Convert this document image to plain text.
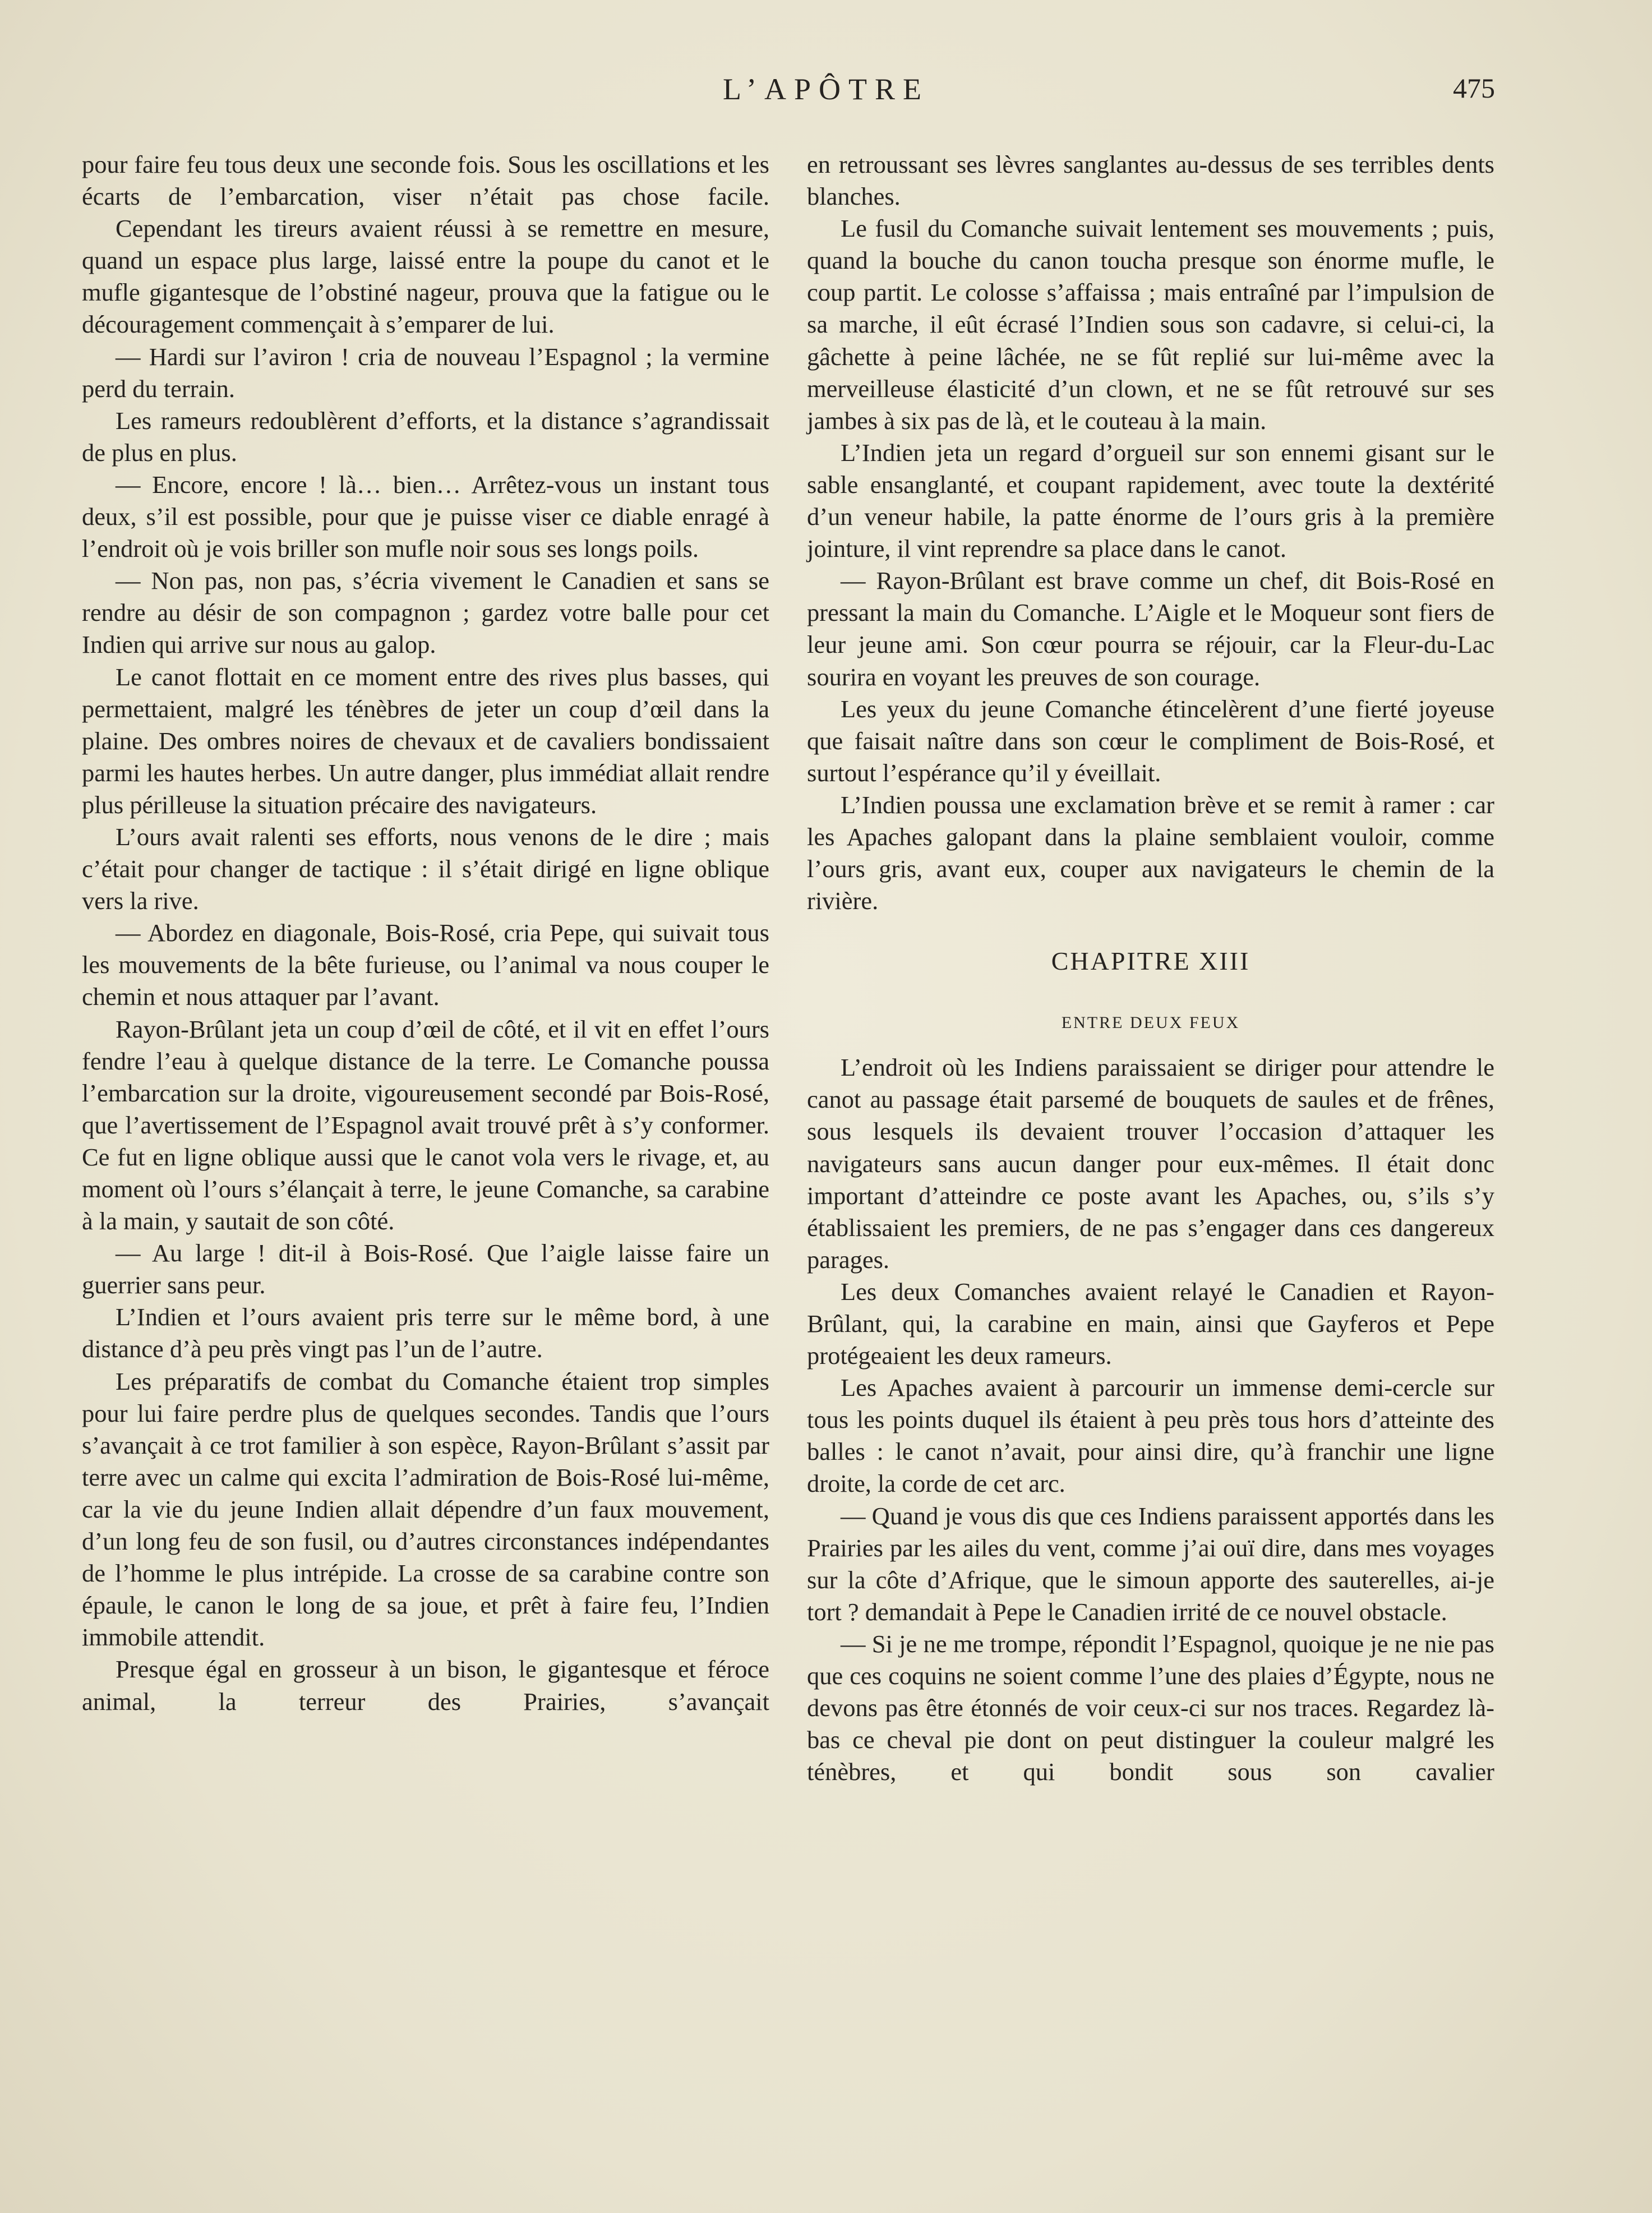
L’APÔTRE	475

pour faire feu tous deux une seconde fois. Sous les oscillations et les écarts de l’embarcation, viser n’était pas chose facile.

Cependant les tireurs avaient réussi à se remettre en mesure, quand un espace plus large, laissé entre la poupe du canot et le mufle gigantesque de l’obstiné nageur, prouva que la fatigue ou le découragement commençait à s’emparer de lui.

— Hardi sur l’aviron ! cria de nouveau l’Espagnol ; la vermine perd du terrain.

Les rameurs redoublèrent d’efforts, et la distance s’agrandissait de plus en plus.

— Encore, encore ! là… bien… Arrêtez-vous un instant tous deux, s’il est possible, pour que je puisse viser ce diable enragé à l’endroit où je vois briller son mufle noir sous ses longs poils.

— Non pas, non pas, s’écria vivement le Canadien et sans se rendre au désir de son compagnon ; gardez votre balle pour cet Indien qui arrive sur nous au galop.

Le canot flottait en ce moment entre des rives plus basses, qui permettaient, malgré les ténèbres de jeter un coup d’œil dans la plaine. Des ombres noires de chevaux et de cavaliers bondissaient parmi les hautes herbes. Un autre danger, plus immédiat allait rendre plus périlleuse la situation précaire des navigateurs.

L’ours avait ralenti ses efforts, nous venons de le dire ; mais c’était pour changer de tactique : il s’était dirigé en ligne oblique vers la rive.

— Abordez en diagonale, Bois-Rosé, cria Pepe, qui suivait tous les mouvements de la bête furieuse, ou l’animal va nous couper le chemin et nous attaquer par l’avant.

Rayon-Brûlant jeta un coup d’œil de côté, et il vit en effet l’ours fendre l’eau à quelque distance de la terre. Le Comanche poussa l’embarcation sur la droite, vigoureusement secondé par Bois-Rosé, que l’avertissement de l’Espagnol avait trouvé prêt à s’y conformer. Ce fut en ligne oblique aussi que le canot vola vers le rivage, et, au moment où l’ours s’élançait à terre, le jeune Comanche, sa carabine à la main, y sautait de son côté.

— Au large ! dit-il à Bois-Rosé. Que l’aigle laisse faire un guerrier sans peur.

L’Indien et l’ours avaient pris terre sur le même bord, à une distance d’à peu près vingt pas l’un de l’autre.

Les préparatifs de combat du Comanche étaient trop simples pour lui faire perdre plus de quelques secondes. Tandis que l’ours s’avançait à ce trot familier à son espèce, Rayon-Brûlant s’assit par terre avec un calme qui excita l’admiration de Bois-Rosé lui-même, car la vie du jeune Indien allait dépendre d’un faux mouvement, d’un long feu de son fusil, ou d’autres circonstances indépendantes de l’homme le plus intrépide. La crosse de sa carabine contre son épaule, le canon le long de sa joue, et prêt à faire feu, l’Indien immobile attendit.

Presque égal en grosseur à un bison, le gigantesque et féroce animal, la terreur des Prairies, s’avançait

en retroussant ses lèvres sanglantes au-dessus de ses terribles dents blanches.

Le fusil du Comanche suivait lentement ses mouvements ; puis, quand la bouche du canon toucha presque son énorme mufle, le coup partit. Le colosse s’affaissa ; mais entraîné par l’impulsion de sa marche, il eût écrasé l’Indien sous son cadavre, si celui-ci, la gâchette à peine lâchée, ne se fût replié sur lui-même avec la merveilleuse élasticité d’un clown, et ne se fût retrouvé sur ses jambes à six pas de là, et le couteau à la main.

L’Indien jeta un regard d’orgueil sur son ennemi gisant sur le sable ensanglanté, et coupant rapidement, avec toute la dextérité d’un veneur habile, la patte énorme de l’ours gris à la première jointure, il vint reprendre sa place dans le canot.

— Rayon-Brûlant est brave comme un chef, dit Bois-Rosé en pressant la main du Comanche. L’Aigle et le Moqueur sont fiers de leur jeune ami. Son cœur pourra se réjouir, car la Fleur-du-Lac sourira en voyant les preuves de son courage.

Les yeux du jeune Comanche étincelèrent d’une fierté joyeuse que faisait naître dans son cœur le compliment de Bois-Rosé, et surtout l’espérance qu’il y éveillait.

L’Indien poussa une exclamation brève et se remit à ramer : car les Apaches galopant dans la plaine semblaient vouloir, comme l’ours gris, avant eux, couper aux navigateurs le chemin de la rivière.

CHAPITRE XIII
ENTRE DEUX FEUX

L’endroit où les Indiens paraissaient se diriger pour attendre le canot au passage était parsemé de bouquets de saules et de frênes, sous lesquels ils devaient trouver l’occasion d’attaquer les navigateurs sans aucun danger pour eux-mêmes. Il était donc important d’atteindre ce poste avant les Apaches, ou, s’ils s’y établissaient les premiers, de ne pas s’engager dans ces dangereux parages.

Les deux Comanches avaient relayé le Canadien et Rayon-Brûlant, qui, la carabine en main, ainsi que Gayferos et Pepe protégeaient les deux rameurs.

Les Apaches avaient à parcourir un immense demi-cercle sur tous les points duquel ils étaient à peu près tous hors d’atteinte des balles : le canot n’avait, pour ainsi dire, qu’à franchir une ligne droite, la corde de cet arc.

— Quand je vous dis que ces Indiens paraissent apportés dans les Prairies par les ailes du vent, comme j’ai ouï dire, dans mes voyages sur la côte d’Afrique, que le simoun apporte des sauterelles, ai-je tort ? demandait à Pepe le Canadien irrité de ce nouvel obstacle.

— Si je ne me trompe, répondit l’Espagnol, quoique je ne nie pas que ces coquins ne soient comme l’une des plaies d’Égypte, nous ne devons pas être étonnés de voir ceux-ci sur nos traces. Regardez là-bas ce cheval pie dont on peut distinguer la couleur malgré les ténèbres, et qui bondit sous son cavalier
